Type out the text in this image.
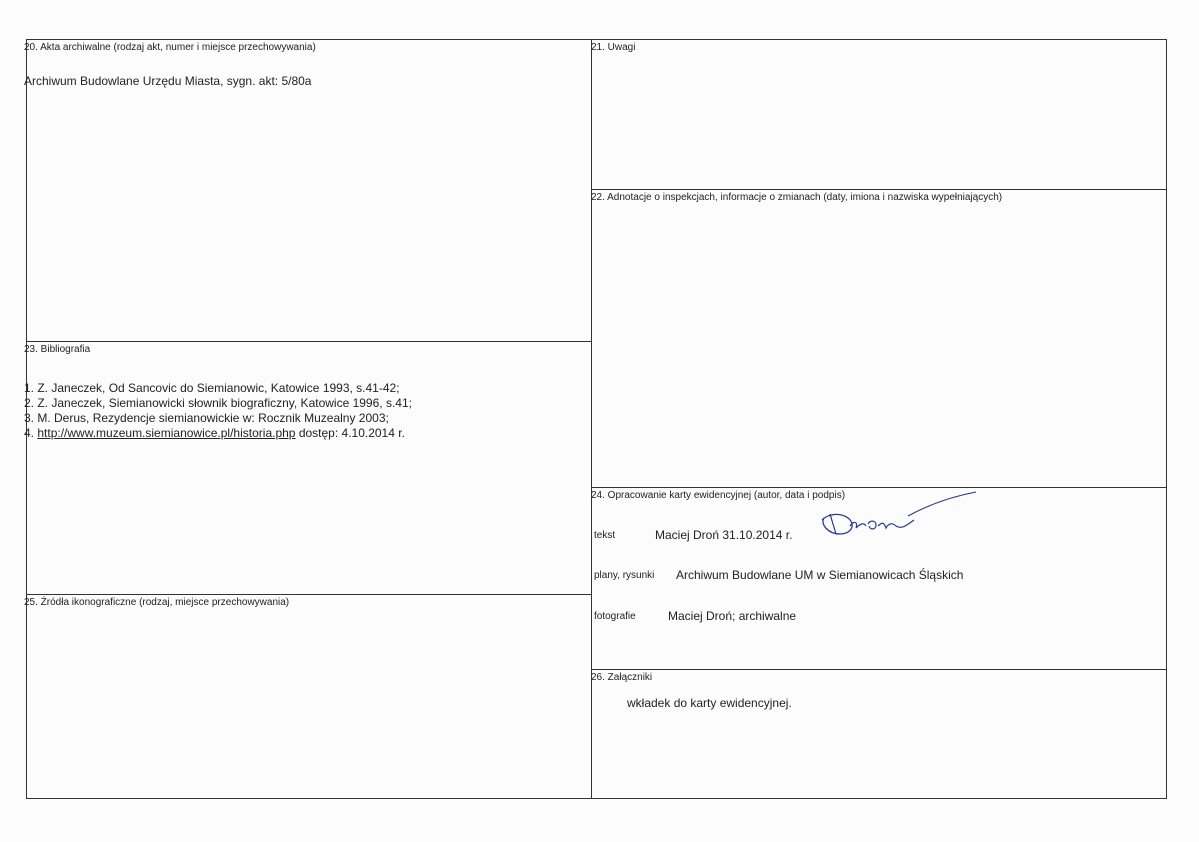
20. Akta archiwalne (rodzaj akt, numer i miejsce przechowywania)
Archiwum Budowlane Urzędu Miasta, sygn. akt: 5/80a
21. Uwagi
22. Adnotacje o inspekcjach, informacje o zmianach (daty, imiona i nazwiska wypełniających)
23. Bibliografia
1. Z. Janeczek, Od Sancovic do Siemianowic, Katowice 1993, s.41-42;
2. Z. Janeczek, Siemianowicki słownik biograficzny, Katowice 1996, s.41;
3. M. Derus, Rezydencje siemianowickie w: Rocznik Muzealny 2003;
4. http://www.muzeum.siemianowice.pl/historia.php dostęp: 4.10.2014 r.
24. Opracowanie karty ewidencyjnej (autor, data i podpis)
tekst	Maciej Droń 31.10.2014 r.
plany, rysunki Archiwum Budowlane UM w Siemianowicach Śląskich
fotografie	Maciej Droń; archiwalne
25. Źródła ikonograficzne (rodzaj, miejsce przechowywania)
26. Załączniki
wkładek do karty ewidencyjnej.
